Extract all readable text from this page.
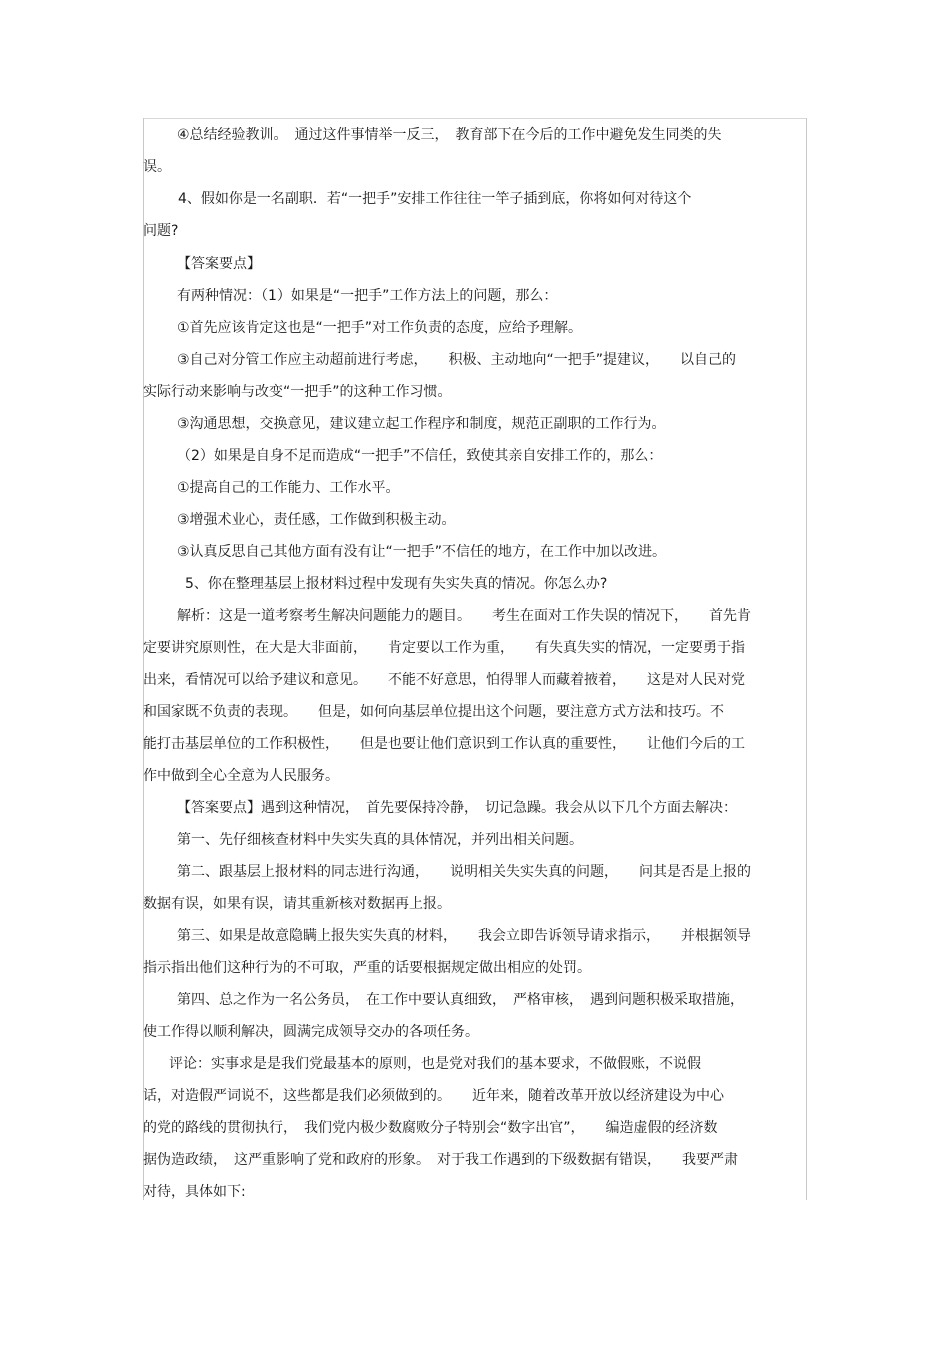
④总结经验教训。　通过这件事情举一反三，　教育部下在今后的工作中避免发生同类的失
误。
4、假如你是一名副职．若“一把手”安排工作往往一竿子插到底，你将如何对待这个
问题?
【答案要点】
有两种情况：（1）如果是“一把手”工作方法上的问题，那么：
①首先应该肯定这也是“一把手”对工作负责的态度，应给予理解。
③自己对分管工作应主动超前进行考虑，　　积极、主动地向“一把手”提建议，　　以自己的
实际行动来影响与改变“一把手”的这种工作习惯。
③沟通思想，交换意见，建议建立起工作程序和制度，规范正副职的工作行为。
（2）如果是自身不足而造成“一把手”不信任，致使其亲自安排工作的，那么：
①提高自己的工作能力、工作水平。
③增强术业心，责任感，工作做到积极主动。
③认真反思自己其他方面有没有让“一把手”不信任的地方，在工作中加以改进。
5、你在整理基层上报材料过程中发现有失实失真的情况。你怎么办?
解析：这是一道考察考生解决问题能力的题目。　　考生在面对工作失误的情况下，　　首先肯
定要讲究原则性，在大是大非面前，　　肯定要以工作为重，　　有失真失实的情况，一定要勇于指
出来，看情况可以给予建议和意见。　　不能不好意思，怕得罪人而藏着掖着，　　这是对人民对党
和国家既不负责的表现。　　但是，如何向基层单位提出这个问题，要注意方式方法和技巧。不
能打击基层单位的工作积极性，　　但是也要让他们意识到工作认真的重要性，　　让他们今后的工
作中做到全心全意为人民服务。
【答案要点】遇到这种情况，　首先要保持冷静，　切记急躁。我会从以下几个方面去解决：
第一、先仔细核查材料中失实失真的具体情况，并列出相关问题。
第二、跟基层上报材料的同志进行沟通，　　说明相关失实失真的问题，　　问其是否是上报的
数据有误，如果有误，请其重新核对数据再上报。
第三、如果是故意隐瞒上报失实失真的材料，　　我会立即告诉领导请求指示，　　并根据领导
指示指出他们这种行为的不可取，严重的话要根据规定做出相应的处罚。
第四、总之作为一名公务员，　在工作中要认真细致，　严格审核，　遇到问题积极采取措施，
使工作得以顺利解决，圆满完成领导交办的各项任务。
评论：实事求是是我们党最基本的原则，也是党对我们的基本要求，不做假账，不说假
话，对造假严词说不，这些都是我们必须做到的。　　近年来，随着改革开放以经济建设为中心
的党的路线的贯彻执行，　我们党内极少数腐败分子特别会“数字出官”，　　编造虚假的经济数
据伪造政绩，　这严重影响了党和政府的形象。　对于我工作遇到的下级数据有错误，　　我要严肃
对待，具体如下:
